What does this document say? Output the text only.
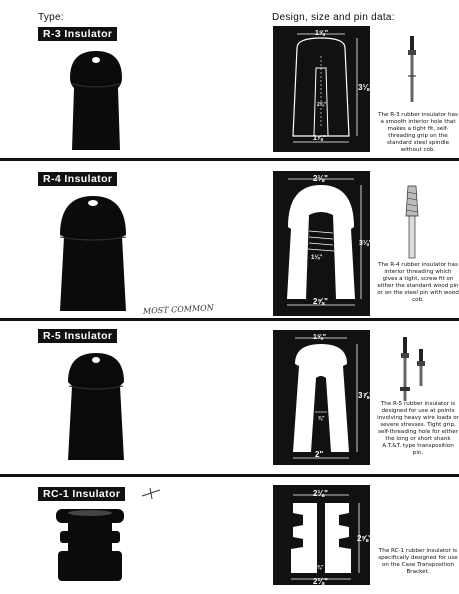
Type:	Design, size and pin data:
R-3 Insulator	1⅝"
3⅛"
2⅜"
1⅞"
The R-3 rubber insulator has a smooth interior hole that makes a tight fit, self-threading grip on the standard steel spindle without cob.
R-4 Insulator	2⅛"
3⅛"
1⅛"
2⅝"
The R-4 rubber insulator has interior threading which gives a tight, screw fit on either the standard wood pin or on the steel pin with wood cob.
MOST COMMON
R-5 Insulator	1⅝"
3⅞"
⅜"
2"
The R-5 rubber insulator is designed for use at points involving heavy wire loads or severe stresses. Tight grip, self-threading hole for either the long or short shank A.T.&T. type transposition pin.
RC-1 Insulator	2⅛"
2⅝"
⅜"
2⅛"
The RC-1 rubber insulator is specifically designed for use on the Case Transposition Bracket.
